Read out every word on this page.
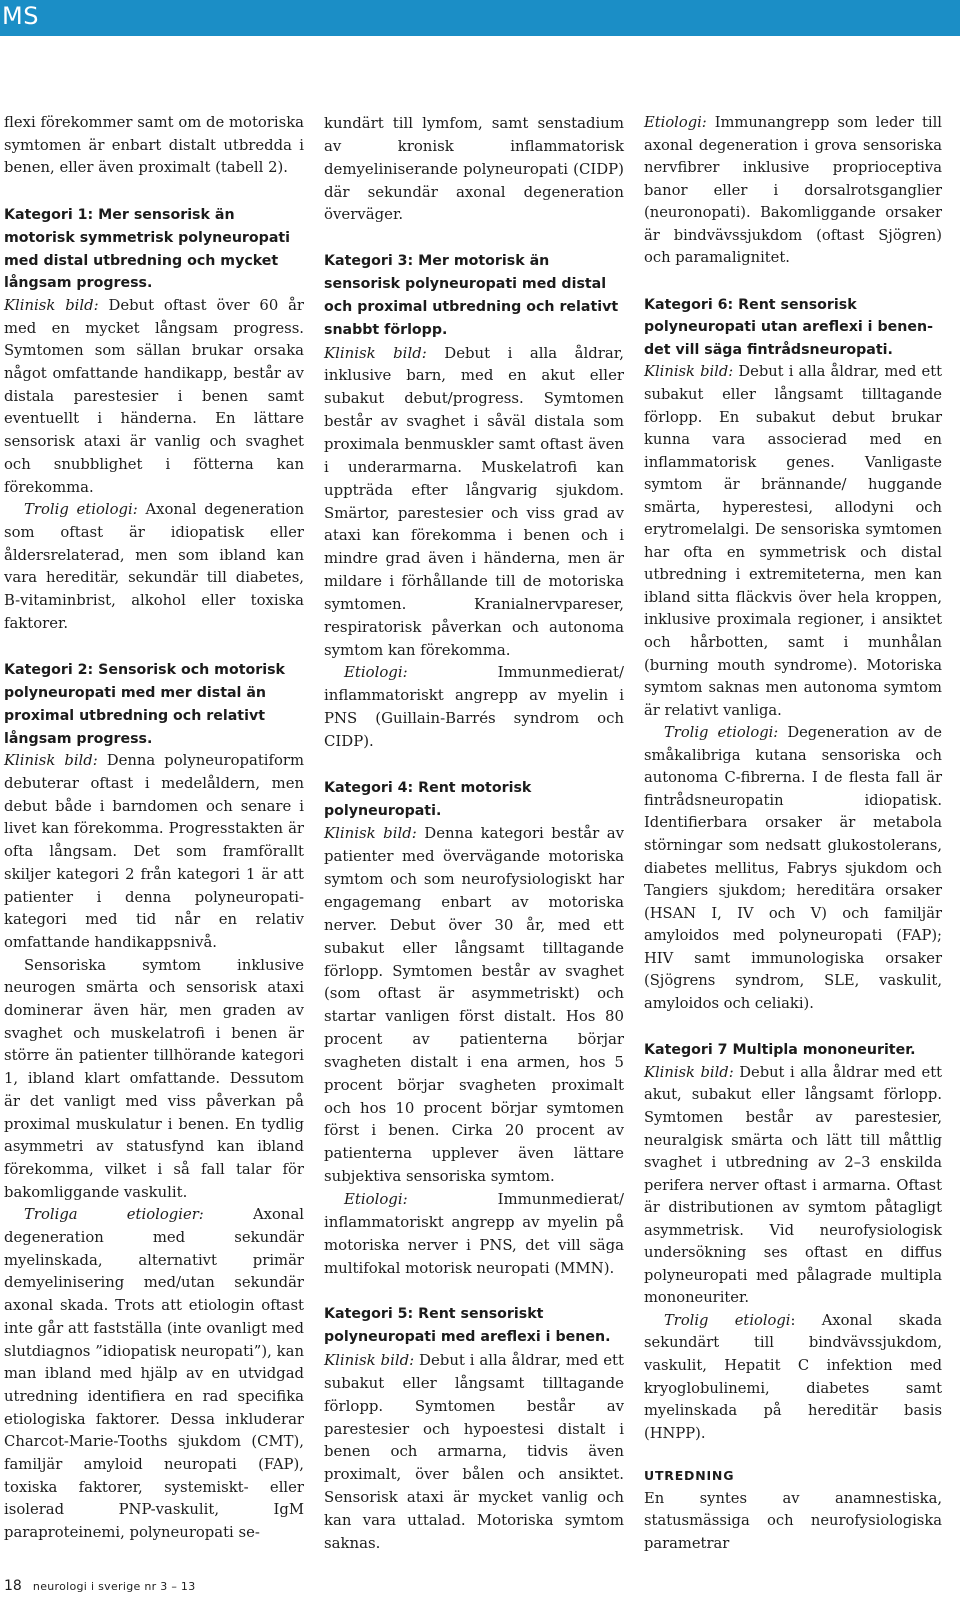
MS

flexi förekommer samt om de motoriska symtomen är enbart distalt utbredda i benen, eller även proximalt (tabell 2).

Kategori 1: Mer sensorisk än motorisk symmetrisk polyneuropati med distal utbredning och mycket långsam progress.

Klinisk bild: Debut oftast över 60 år med en mycket långsam progress. Symtomen som sällan brukar orsaka något omfattande handikapp, består av distala parestesier i benen samt eventuellt i händerna. En lättare sensorisk ataxi är vanlig och svaghet och snubblighet i fötterna kan förekomma.

Trolig etiologi: Axonal degeneration som oftast är idiopatisk eller åldersrelaterad, men som ibland kan vara hereditär, sekundär till diabetes, B-vitaminbrist, alkohol eller toxiska faktorer.

Kategori 2: Sensorisk och motorisk polyneuropati med mer distal än proximal utbredning och relativt långsam progress.

Klinisk bild: Denna polyneuropatiform debuterar oftast i medelåldern, men debut både i barndomen och senare i livet kan förekomma. Progresstakten är ofta långsam. Det som framförallt skiljer kategori 2 från kategori 1 är att patienter i denna polyneuropati-kategori med tid når en relativ omfattande handikappsnivå.

Sensoriska symtom inklusive neurogen smärta och sensorisk ataxi dominerar även här, men graden av svaghet och muskelatrofi i benen är större än patienter tillhörande kategori 1, ibland klart omfattande. Dessutom är det vanligt med viss påverkan på proximal muskulatur i benen. En tydlig asymmetri av statusfynd kan ibland förekomma, vilket i så fall talar för bakomliggande vaskulit.

Troliga etiologier: Axonal degeneration med sekundär myelinskada, alternativt primär demyelinisering med/utan sekundär axonal skada. Trots att etiologin oftast inte går att fastställa (inte ovanligt med slutdiagnos ”idiopatisk neuropati”), kan man ibland med hjälp av en utvidgad utredning identifiera en rad specifika etiologiska faktorer. Dessa inkluderar Charcot-Marie-Tooths sjukdom (CMT), familjär amyloid neuropati (FAP), toxiska faktorer, systemiskt- eller isolerad PNP-vaskulit, IgM paraproteinemi, polyneuropati se-

kundärt till lymfom, samt senstadium av kronisk inflammatorisk demyeliniserande polyneuropati (CIDP) där sekundär axonal degeneration överväger.

Kategori 3: Mer motorisk än sensorisk polyneuropati med distal och proximal utbredning och relativt snabbt förlopp.

Klinisk bild: Debut i alla åldrar, inklusive barn, med en akut eller subakut debut/progress. Symtomen består av svaghet i såväl distala som proximala benmuskler samt oftast även i underarmarna. Muskelatrofi kan uppträda efter långvarig sjukdom. Smärtor, parestesier och viss grad av ataxi kan förekomma i benen och i mindre grad även i händerna, men är mildare i förhållande till de motoriska symtomen. Kranialnervpareser, respiratorisk påverkan och autonoma symtom kan förekomma.

Etiologi: Immunmedierat/ inflammatoriskt angrepp av myelin i PNS (Guillain-Barrés syndrom och CIDP).

Kategori 4: Rent motorisk polyneuropati.

Klinisk bild: Denna kategori består av patienter med övervägande motoriska symtom och som neurofysiologiskt har engagemang enbart av motoriska nerver. Debut över 30 år, med ett subakut eller långsamt tilltagande förlopp. Symtomen består av svaghet (som oftast är asymmetriskt) och startar vanligen först distalt. Hos 80 procent av patienterna börjar svagheten distalt i ena armen, hos 5 procent börjar svagheten proximalt och hos 10 procent börjar symtomen först i benen. Cirka 20 procent av patienterna upplever även lättare subjektiva sensoriska symtom.

Etiologi: Immunmedierat/ inflammatoriskt angrepp av myelin på motoriska nerver i PNS, det vill säga multifokal motorisk neuropati (MMN).

Kategori 5: Rent sensoriskt polyneuropati med areflexi i benen.

Klinisk bild: Debut i alla åldrar, med ett subakut eller långsamt tilltagande förlopp. Symtomen består av parestesier och hypoestesi distalt i benen och armarna, tidvis även proximalt, över bålen och ansiktet. Sensorisk ataxi är mycket vanlig och kan vara uttalad. Motoriska symtom saknas.

Etiologi: Immunangrepp som leder till axonal degeneration i grova sensoriska nervfibrer inklusive proprioceptiva banor eller i dorsalrotsganglier (neuronopati). Bakomliggande orsaker är bindvävssjukdom (oftast Sjögren) och paramalignitet.

Kategori 6: Rent sensorisk polyneuropati utan areflexi i benen- det vill säga fintrådsneuropati.

Klinisk bild: Debut i alla åldrar, med ett subakut eller långsamt tilltagande förlopp. En subakut debut brukar kunna vara associerad med en inflammatorisk genes. Vanligaste symtom är brännande/ huggande smärta, hyperestesi, allodyni och erytromelalgi. De sensoriska symtomen har ofta en symmetrisk och distal utbredning i extremiteterna, men kan ibland sitta fläckvis över hela kroppen, inklusive proximala regioner, i ansiktet och hårbotten, samt i munhålan (burning mouth syndrome). Motoriska symtom saknas men autonoma symtom är relativt vanliga.

Trolig etiologi: Degeneration av de småkalibriga kutana sensoriska och autonoma C-fibrerna. I de flesta fall är fintrådsneuropatin idiopatisk. Identifierbara orsaker är metabola störningar som nedsatt glukostolerans, diabetes mellitus, Fabrys sjukdom och Tangiers sjukdom; hereditära orsaker (HSAN I, IV och V) och familjär amyloidos med polyneuropati (FAP); HIV samt immunologiska orsaker (Sjögrens syndrom, SLE, vaskulit, amyloidos och celiaki).

Kategori 7 Multipla mononeuriter.

Klinisk bild: Debut i alla åldrar med ett akut, subakut eller långsamt förlopp. Symtomen består av parestesier, neuralgisk smärta och lätt till måttlig svaghet i utbredning av 2–3 enskilda perifera nerver oftast i armarna. Oftast är distributionen av symtom påtagligt asymmetrisk. Vid neurofysiologisk undersökning ses oftast en diffus polyneuropati med pålagrade multipla mononeuriter.

Trolig etiologi: Axonal skada sekundärt till bindvävssjukdom, vaskulit, Hepatit C infektion med kryoglobulinemi, diabetes samt myelinskada på hereditär basis (HNPP).

UTREDNING

En syntes av anamnestiska, statusmässiga och neurofysiologiska parametrar

18 neurologi i sverige nr 3 – 13
